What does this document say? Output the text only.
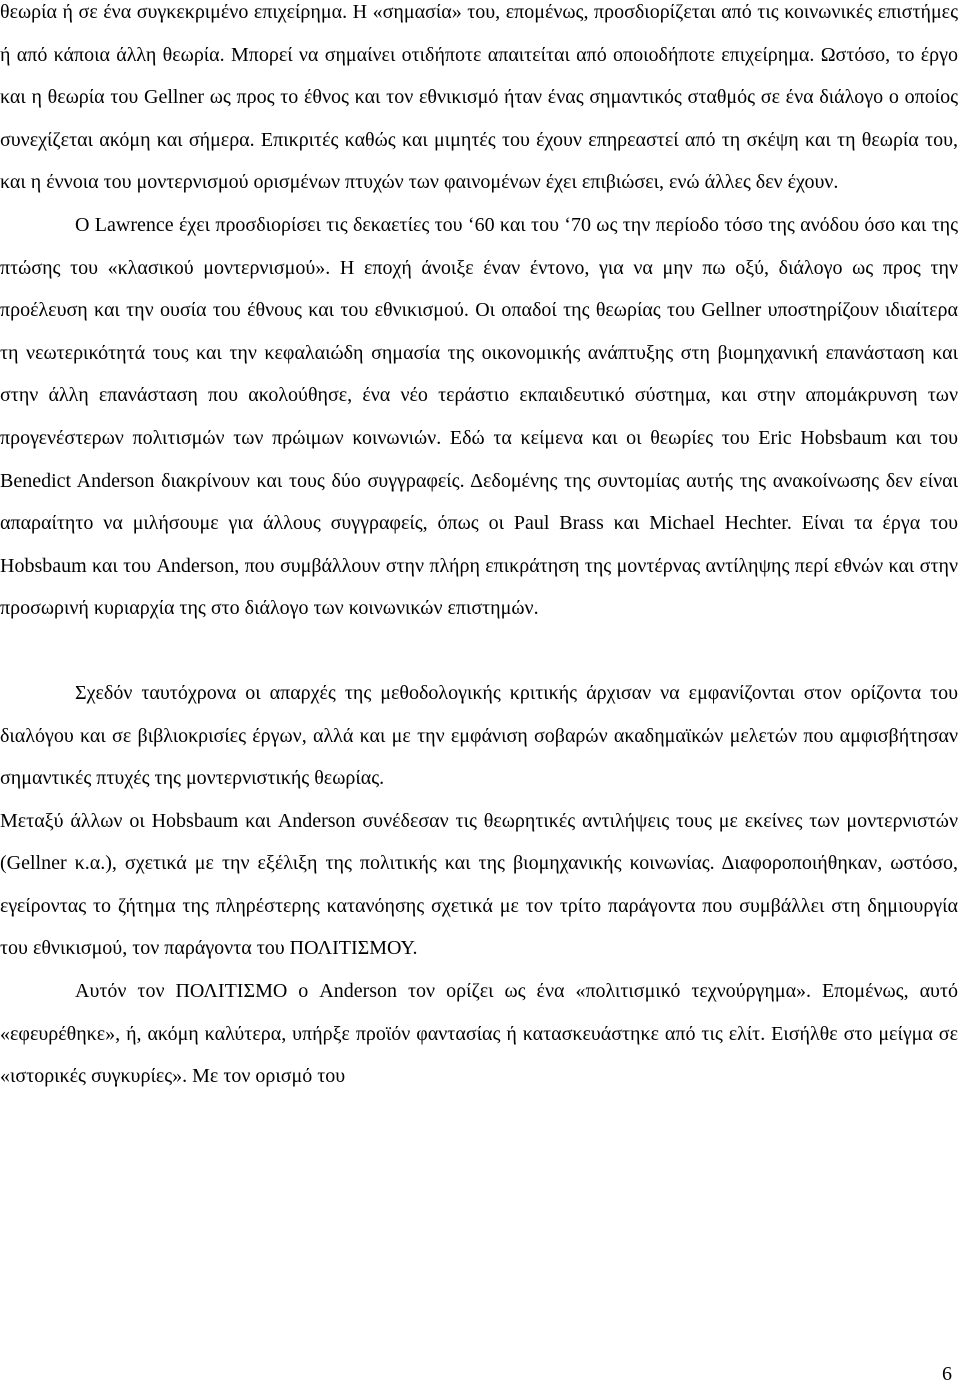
θεωρία ή σε ένα συγκεκριμένο επιχείρημα. Η «σημασία» του, επομένως, προσδιορίζεται από τις κοινωνικές επιστήμες ή από κάποια άλλη θεωρία. Μπορεί να σημαίνει οτιδήποτε απαιτείται από οποιοδήποτε επιχείρημα. Ωστόσο, το έργο και η θεωρία του Gellner ως προς το έθνος και τον εθνικισμό ήταν ένας σημαντικός σταθμός σε ένα διάλογο ο οποίος συνεχίζεται ακόμη και σήμερα. Επικριτές καθώς και μιμητές του έχουν επηρεαστεί από τη σκέψη και τη θεωρία του, και η έννοια του μοντερνισμού ορισμένων πτυχών των φαινομένων έχει επιβιώσει, ενώ άλλες δεν έχουν.

O Lawrence έχει προσδιορίσει τις δεκαετίες του ‘60 και του ‘70 ως την περίοδο τόσο της ανόδου όσο και της πτώσης του «κλασικού μοντερνισμού». Η εποχή άνοιξε έναν έντονο, για να μην πω οξύ, διάλογο ως προς την προέλευση και την ουσία του έθνους και του εθνικισμού. Οι οπαδοί της θεωρίας του Gellner υποστηρίζουν ιδιαίτερα τη νεωτερικότητά τους και την κεφαλαιώδη σημασία της οικονομικής ανάπτυξης στη βιομηχανική επανάσταση και στην άλλη επανάσταση που ακολούθησε, ένα νέο τεράστιο εκπαιδευτικό σύστημα, και στην απομάκρυνση των προγενέστερων πολιτισμών των πρώιμων κοινωνιών. Εδώ τα κείμενα και οι θεωρίες του Eric Hobsbaum και του Benedict Anderson διακρίνουν και τους δύο συγγραφείς. Δεδομένης της συντομίας αυτής της ανακοίνωσης δεν είναι απαραίτητο να μιλήσουμε για άλλους συγγραφείς, όπως οι Paul Brass και Michael Hechter. Είναι τα έργα του Hobsbaum και του Anderson, που συμβάλλουν στην πλήρη επικράτηση της μοντέρνας αντίληψης περί εθνών και στην προσωρινή κυριαρχία της στο διάλογο των κοινωνικών επιστημών.

Σχεδόν ταυτόχρονα οι απαρχές της μεθοδολογικής κριτικής άρχισαν να εμφανίζονται στον ορίζοντα του διαλόγου και σε βιβλιοκρισίες έργων, αλλά και με την εμφάνιση σοβαρών ακαδημαϊκών μελετών που αμφισβήτησαν σημαντικές πτυχές της μοντερνιστικής θεωρίας.

Μεταξύ άλλων οι Hobsbaum και Anderson συνέδεσαν τις θεωρητικές αντιλήψεις τους με εκείνες των μοντερνιστών (Gellner κ.α.), σχετικά με την εξέλιξη της πολιτικής και της βιομηχανικής κοινωνίας. Διαφοροποιήθηκαν, ωστόσο, εγείροντας το ζήτημα της πληρέστερης κατανόησης σχετικά με τον τρίτο παράγοντα που συμβάλλει στη δημιουργία του εθνικισμού, τον παράγοντα του ΠΟΛΙΤΙΣΜΟΥ.

Αυτόν τον ΠΟΛΙΤΙΣΜΟ ο Anderson τον ορίζει ως ένα «πολιτισμικό τεχνούργημα». Επομένως, αυτό «εφευρέθηκε», ή, ακόμη καλύτερα, υπήρξε προϊόν φαντασίας ή κατασκευάστηκε από τις ελίτ. Εισήλθε στο μείγμα σε «ιστορικές συγκυρίες». Με τον ορισμό του

6
